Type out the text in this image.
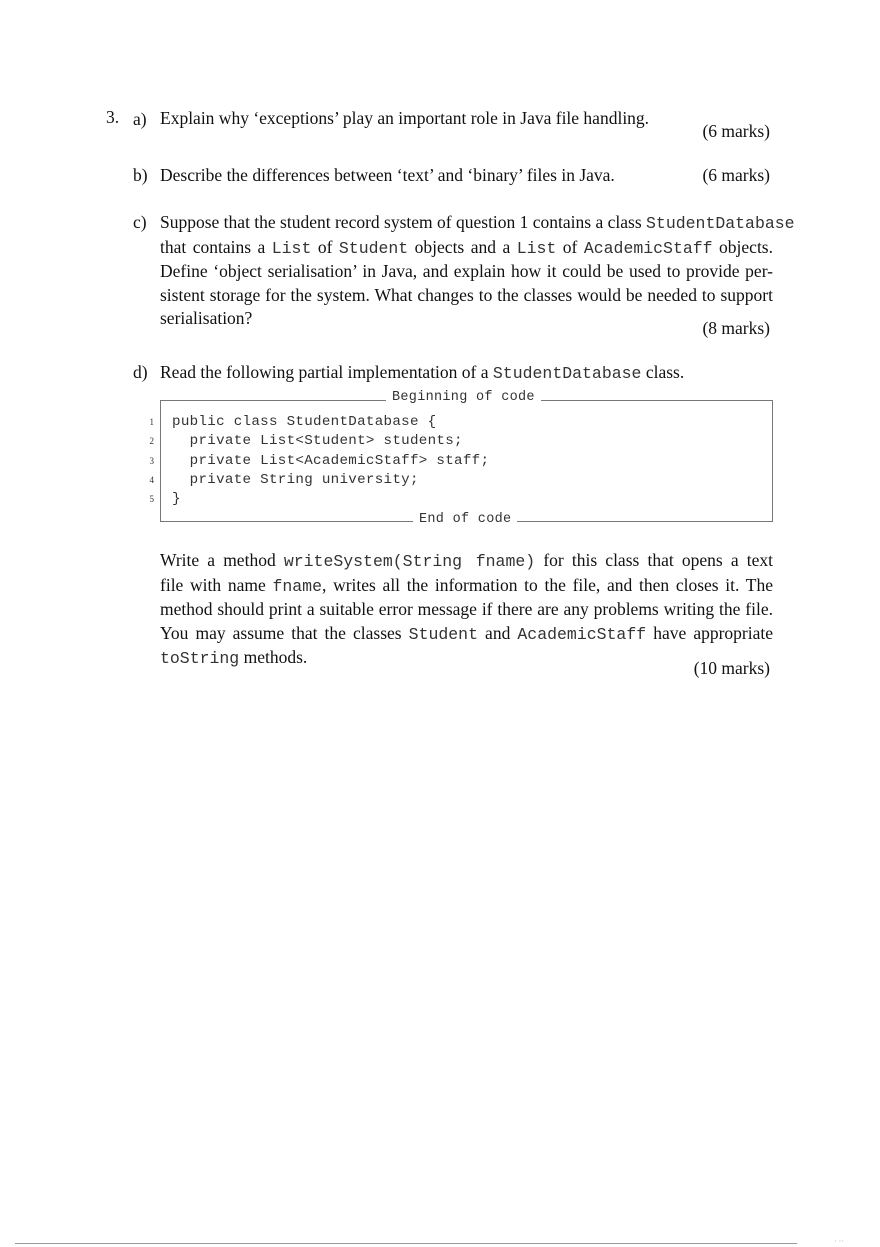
3. a) Explain why ‘exceptions’ play an important role in Java file handling.
(6 marks)
b) Describe the differences between ‘text’ and ‘binary’ files in Java.	(6 marks)
c) Suppose that the student record system of question 1 contains a class StudentDatabase
that contains a List of Student objects and a List of AcademicStaff objects.
Define ‘object serialisation’ in Java, and explain how it could be used to provide per-
sistent storage for the system. What changes to the classes would be needed to support
serialisation?	(8 marks)
d) Read the following partial implementation of a StudentDatabase class.
Beginning of code
End of code
1
2
3
4
5
public class StudentDatabase {
private List<Student> students;
private List<AcademicStaff> staff;
private String university;
}
Write a method writeSystem(String fname) for this class that opens a text
file with name fname, writes all the information to the file, and then closes it. The
method should print a suitable error message if there are any problems writing the file.
You may assume that the classes Student and AcademicStaff have appropriate
toString methods.
(10 marks)
· ··
